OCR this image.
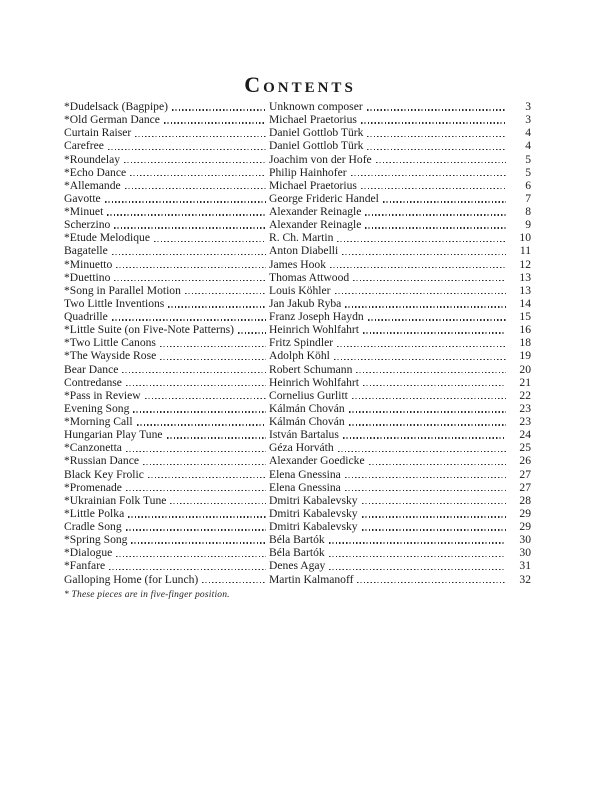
Contents
*Dudelsack (Bagpipe)	Unknown composer	3
*Old German Dance	Michael Praetorius	3
Curtain Raiser	Daniel Gottlob Türk	4
Carefree	Daniel Gottlob Türk	4
*Roundelay	Joachim von der Hofe	5
*Echo Dance	Philip Hainhofer	5
*Allemande	Michael Praetorius	6
Gavotte	George Frideric Handel	7
*Minuet	Alexander Reinagle	8
Scherzino	Alexander Reinagle	9
*Etude Melodique	R. Ch. Martin	10
Bagatelle	Anton Diabelli	11
*Minuetto	James Hook	12
*Duettino	Thomas Attwood	13
*Song in Parallel Motion	Louis Köhler	13
Two Little Inventions	Jan Jakub Ryba	14
Quadrille	Franz Joseph Haydn	15
*Little Suite (on Five-Note Patterns)	Heinrich Wohlfahrt	16
*Two Little Canons	Fritz Spindler	18
*The Wayside Rose	Adolph Köhl	19
Bear Dance	Robert Schumann	20
Contredanse	Heinrich Wohlfahrt	21
*Pass in Review	Cornelius Gurlitt	22
Evening Song	Kálmán Chován	23
*Morning Call	Kálmán Chován	23
Hungarian Play Tune	István Bartalus	24
*Canzonetta	Géza Horváth	25
*Russian Dance	Alexander Goedicke	26
Black Key Frolic	Elena Gnessina	27
*Promenade	Elena Gnessina	27
*Ukrainian Folk Tune	Dmitri Kabalevsky	28
*Little Polka	Dmitri Kabalevsky	29
Cradle Song	Dmitri Kabalevsky	29
*Spring Song	Béla Bartók	30
*Dialogue	Béla Bartók	30
*Fanfare	Denes Agay	31
Galloping Home (for Lunch)	Martin Kalmanoff	32
* These pieces are in five-finger position.
